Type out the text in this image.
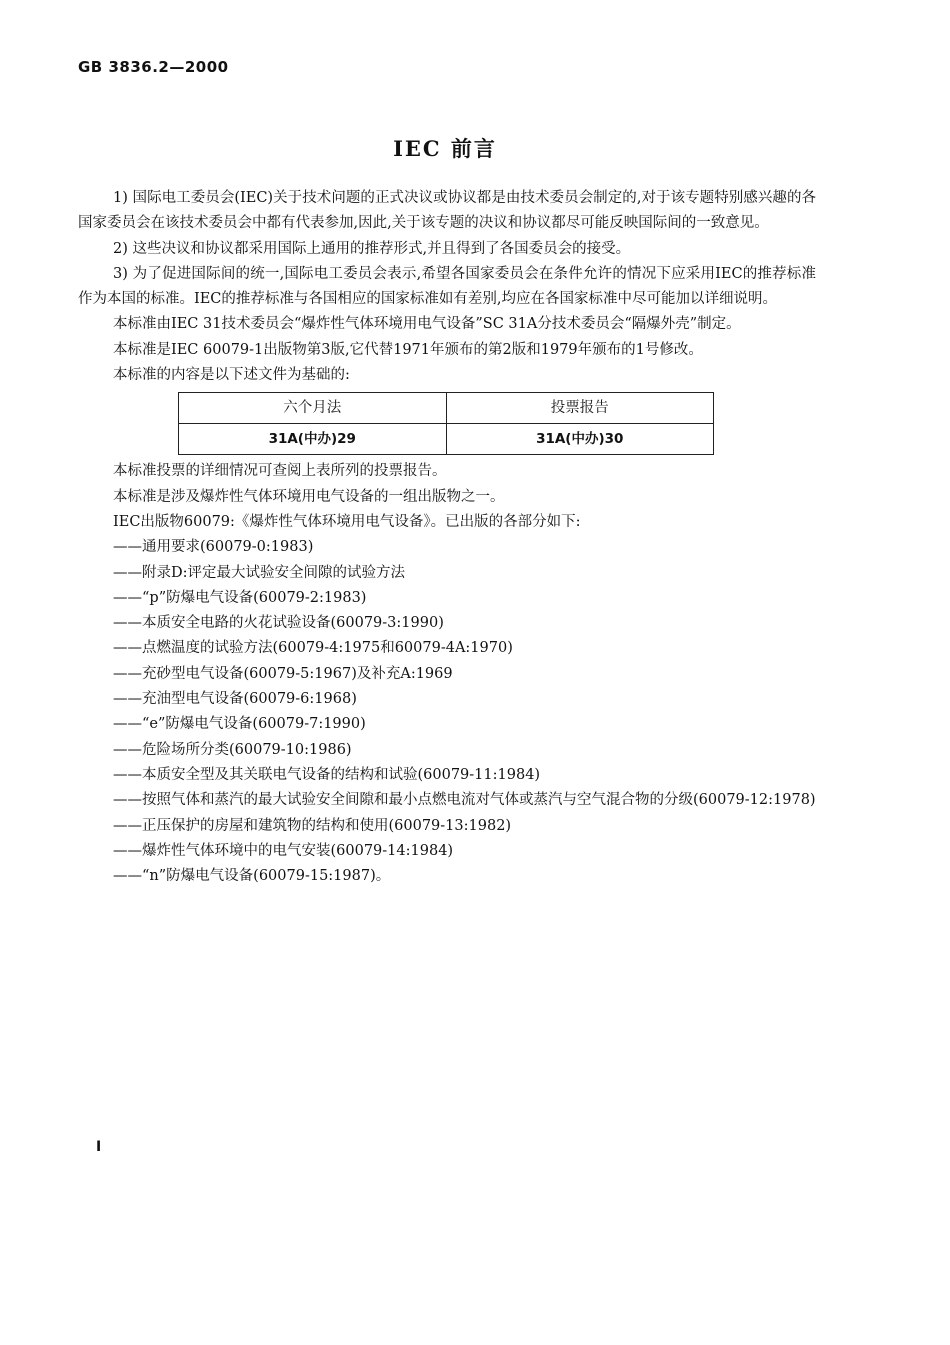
GB 3836.2—2000
IEC 前言

1) 国际电工委员会(IEC)关于技术问题的正式决议或协议都是由技术委员会制定的,对于该专题特别感兴趣的各国家委员会在该技术委员会中都有代表参加,因此,关于该专题的决议和协议都尽可能反映国际间的一致意见。

2) 这些决议和协议都采用国际上通用的推荐形式,并且得到了各国委员会的接受。

3) 为了促进国际间的统一,国际电工委员会表示,希望各国家委员会在条件允许的情况下应采用IEC的推荐标准作为本国的标准。IEC的推荐标准与各国相应的国家标准如有差别,均应在各国家标准中尽可能加以详细说明。

本标准由IEC 31技术委员会“爆炸性气体环境用电气设备”SC 31A分技术委员会“隔爆外壳”制定。

本标准是IEC 60079-1出版物第3版,它代替1971年颁布的第2版和1979年颁布的1号修改。

本标准的内容是以下述文件为基础的:

六个月法	投票报告
31A(中办)29	31A(中办)30

本标准投票的详细情况可查阅上表所列的投票报告。

本标准是涉及爆炸性气体环境用电气设备的一组出版物之一。

IEC出版物60079:《爆炸性气体环境用电气设备》。已出版的各部分如下:

——通用要求(60079-0:1983)

——附录D:评定最大试验安全间隙的试验方法

——“p”防爆电气设备(60079-2:1983)

——本质安全电路的火花试验设备(60079-3:1990)

——点燃温度的试验方法(60079-4:1975和60079-4A:1970)

——充砂型电气设备(60079-5:1967)及补充A:1969

——充油型电气设备(60079-6:1968)

——“e”防爆电气设备(60079-7:1990)

——危险场所分类(60079-10:1986)

——本质安全型及其关联电气设备的结构和试验(60079-11:1984)

——按照气体和蒸汽的最大试验安全间隙和最小点燃电流对气体或蒸汽与空气混合物的分级(60079-12:1978)

——正压保护的房屋和建筑物的结构和使用(60079-13:1982)

——爆炸性气体环境中的电气安装(60079-14:1984)

——“n”防爆电气设备(60079-15:1987)。

I
